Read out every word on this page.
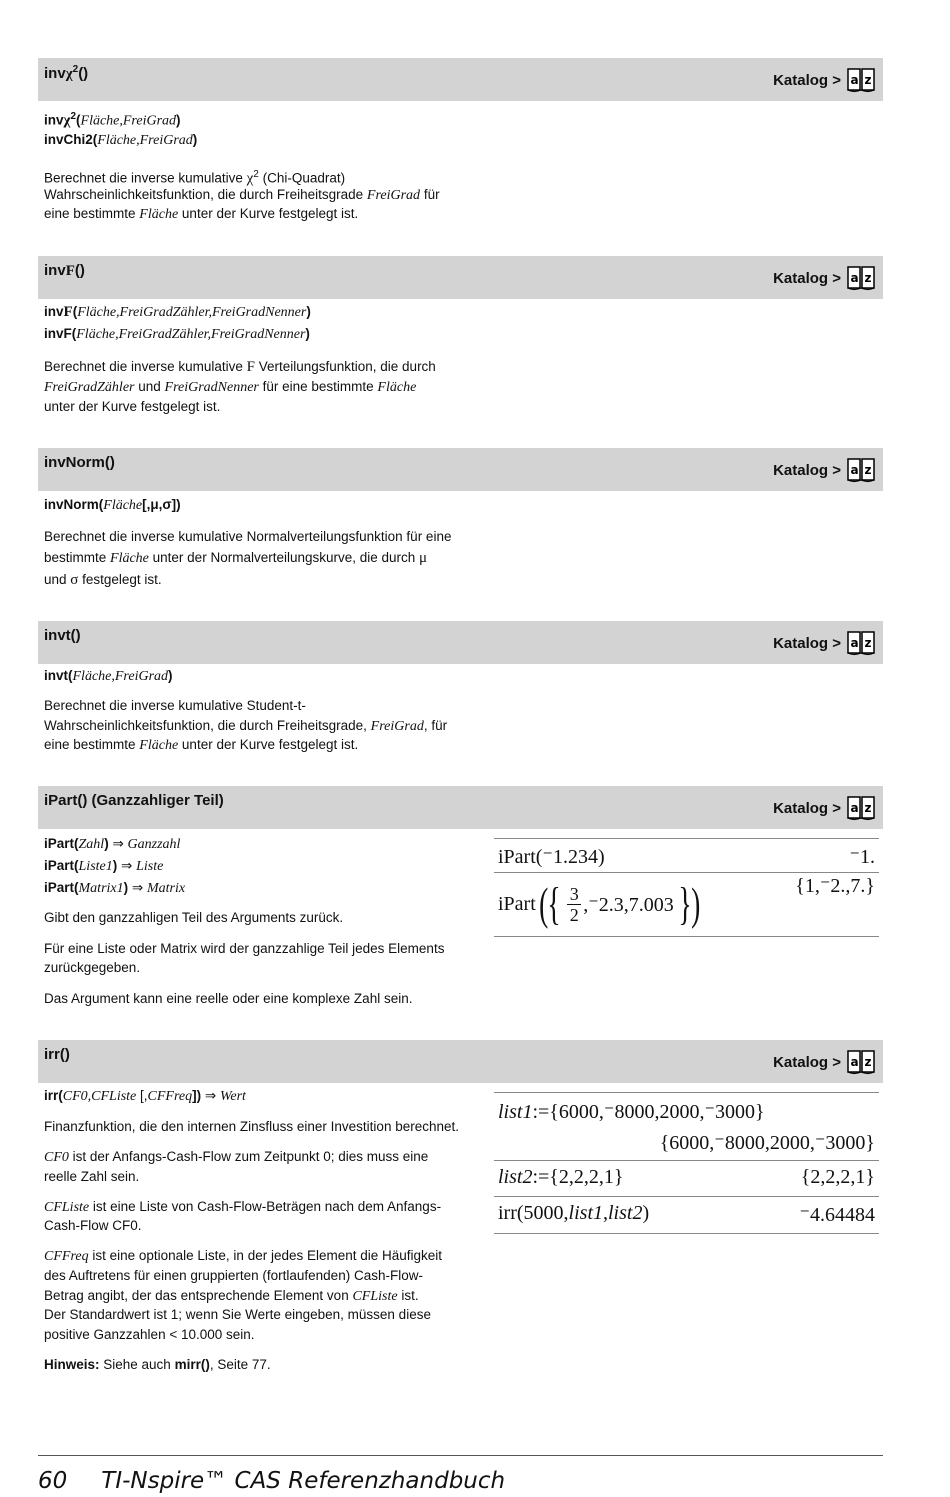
invχ$^2$()	Katalog > a z
invχ$^2$(Fläche,FreiGrad)
invChi2(Fläche,FreiGrad)
Berechnet die inverse kumulative $\chi^2$ (Chi-Quadrat)
Wahrscheinlichkeitsfunktion, die durch Freiheitsgrade FreiGrad für
eine bestimmte Fläche unter der Kurve festgelegt ist.
invF()	Katalog > a z
invF(Fläche,FreiGradZähler,FreiGradNenner)
invF(Fläche,FreiGradZähler,FreiGradNenner)
Berechnet die inverse kumulative F Verteilungsfunktion, die durch
FreiGradZähler und FreiGradNenner für eine bestimmte Fläche
unter der Kurve festgelegt ist.
invNorm()	Katalog > a z
invNorm(Fläche[,μ,σ])
Berechnet die inverse kumulative Normalverteilungsfunktion für eine
bestimmte Fläche unter der Normalverteilungskurve, die durch μ
und σ festgelegt ist.
invt()	Katalog > a z
invt(Fläche,FreiGrad)
Berechnet die inverse kumulative Student-t-
Wahrscheinlichkeitsfunktion, die durch Freiheitsgrade, FreiGrad, für
eine bestimmte Fläche unter der Kurve festgelegt ist.
iPart() (Ganzzahliger Teil)	Katalog > a z
iPart(Zahl) ⇒ Ganzzahl
iPart(Liste1) ⇒ Liste
iPart(Matrix1) ⇒ Matrix
Gibt den ganzzahligen Teil des Arguments zurück.
Für eine Liste oder Matrix wird der ganzzahlige Teil jedes Elements
zurückgegeben.
Das Argument kann eine reelle oder eine komplexe Zahl sein.
iPart(⁻1.234)	⁻1.
iPart ( { 3
2 ,⁻2.3,7.003 } )	{1,⁻2.,7.}
irr()	Katalog > a z
irr(CF0,CFListe [,CFFreq]) ⇒ Wert
Finanzfunktion, die den internen Zinsfluss einer Investition berechnet.
CF0 ist der Anfangs-Cash-Flow zum Zeitpunkt 0; dies muss eine
reelle Zahl sein.
CFListe ist eine Liste von Cash-Flow-Beträgen nach dem Anfangs-
Cash-Flow CF0.
CFFreq ist eine optionale Liste, in der jedes Element die Häufigkeit
des Auftretens für einen gruppierten (fortlaufenden) Cash-Flow-
Betrag angibt, der das entsprechende Element von CFListe ist.
Der Standardwert ist 1; wenn Sie Werte eingeben, müssen diese
positive Ganzzahlen < 10.000 sein.
Hinweis: Siehe auch mirr(), Seite 77.
list1:={6000,⁻8000,2000,⁻3000}
{6000,⁻8000,2000,⁻3000}
list2:={2,2,2,1}	{2,2,2,1}
irr(5000,list1,list2)	⁻4.64484
60 TI-Nspire™ CAS Referenzhandbuch
